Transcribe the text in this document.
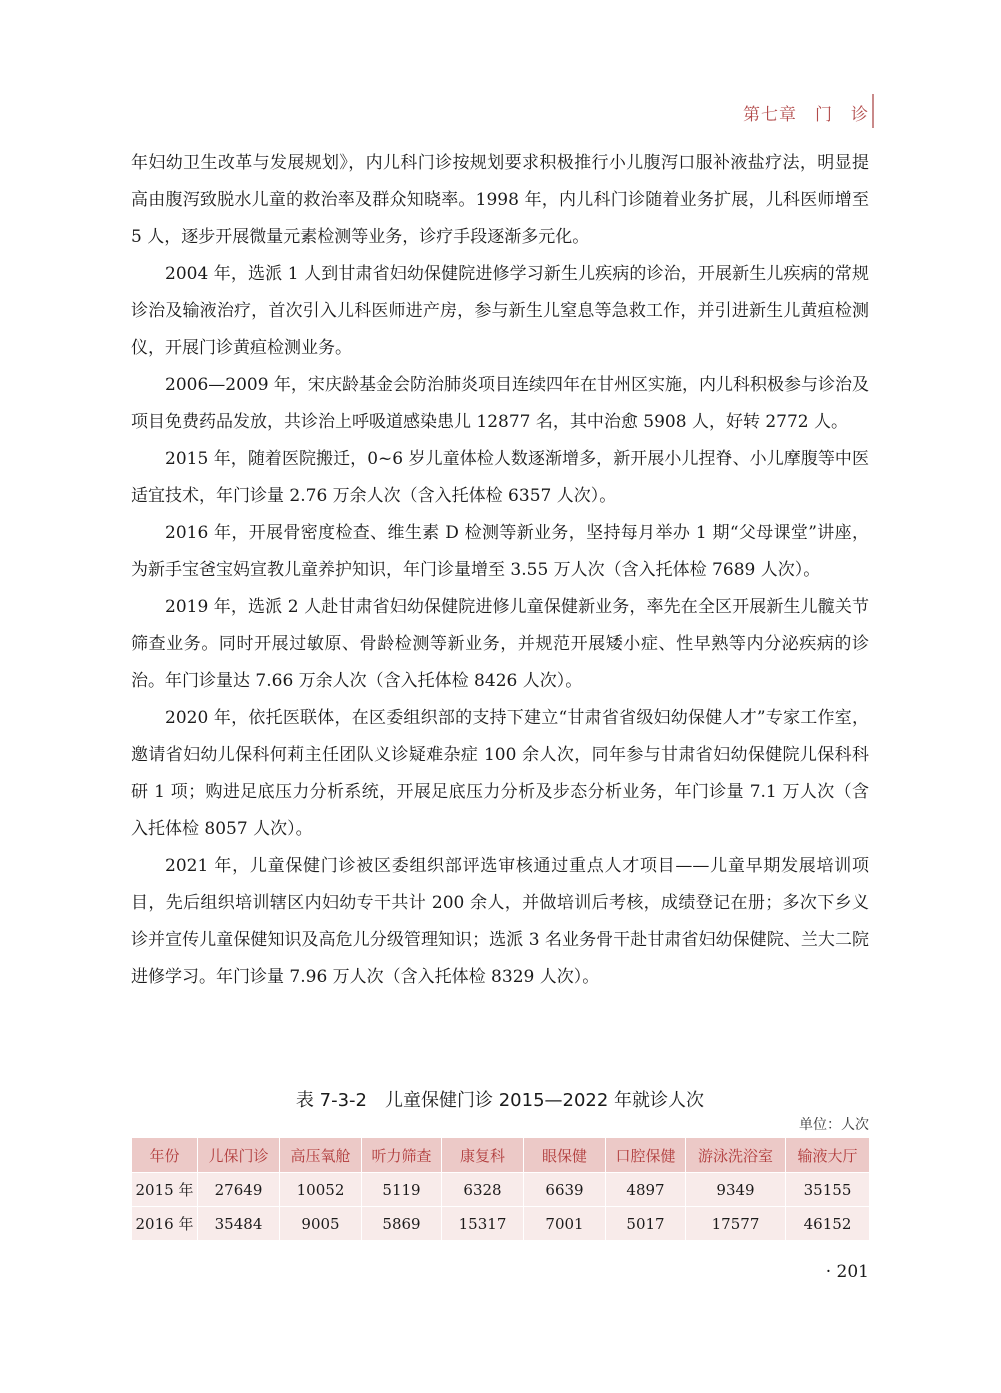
第七章　门　诊

年妇幼卫生改革与发展规划》，内儿科门诊按规划要求积极推行小儿腹泻口服补液盐疗法，明显提高由腹泻致脱水儿童的救治率及群众知晓率。1998 年，内儿科门诊随着业务扩展，儿科医师增至 5 人，逐步开展微量元素检测等业务，诊疗手段逐渐多元化。

2004 年，选派 1 人到甘肃省妇幼保健院进修学习新生儿疾病的诊治，开展新生儿疾病的常规诊治及输液治疗，首次引入儿科医师进产房，参与新生儿窒息等急救工作，并引进新生儿黄疸检测仪，开展门诊黄疸检测业务。

2006—2009 年，宋庆龄基金会防治肺炎项目连续四年在甘州区实施，内儿科积极参与诊治及项目免费药品发放，共诊治上呼吸道感染患儿 12877 名，其中治愈 5908 人，好转 2772 人。

2015 年，随着医院搬迁，0~6 岁儿童体检人数逐渐增多，新开展小儿捏脊、小儿摩腹等中医适宜技术，年门诊量 2.76 万余人次（含入托体检 6357 人次）。

2016 年，开展骨密度检查、维生素 D 检测等新业务，坚持每月举办 1 期“父母课堂”讲座，为新手宝爸宝妈宣教儿童养护知识，年门诊量增至 3.55 万人次（含入托体检 7689 人次）。

2019 年，选派 2 人赴甘肃省妇幼保健院进修儿童保健新业务，率先在全区开展新生儿髋关节筛查业务。同时开展过敏原、骨龄检测等新业务，并规范开展矮小症、性早熟等内分泌疾病的诊治。年门诊量达 7.66 万余人次（含入托体检 8426 人次）。

2020 年，依托医联体，在区委组织部的支持下建立“甘肃省省级妇幼保健人才”专家工作室，邀请省妇幼儿保科何莉主任团队义诊疑难杂症 100 余人次，同年参与甘肃省妇幼保健院儿保科科研 1 项；购进足底压力分析系统，开展足底压力分析及步态分析业务，年门诊量 7.1 万人次（含入托体检 8057 人次）。

2021 年，儿童保健门诊被区委组织部评选审核通过重点人才项目——儿童早期发展培训项目，先后组织培训辖区内妇幼专干共计 200 余人，并做培训后考核，成绩登记在册；多次下乡义诊并宣传儿童保健知识及高危儿分级管理知识；选派 3 名业务骨干赴甘肃省妇幼保健院、兰大二院进修学习。年门诊量 7.96 万人次（含入托体检 8329 人次）。

表 7-3-2　儿童保健门诊 2015—2022 年就诊人次
单位：人次
年份	儿保门诊	高压氧舱	听力筛查	康复科	眼保健	口腔保健	游泳洗浴室	输液大厅
2015 年	27649	10052	5119	6328	6639	4897	9349	35155
2016 年	35484	9005	5869	15317	7001	5017	17577	46152
· 201
